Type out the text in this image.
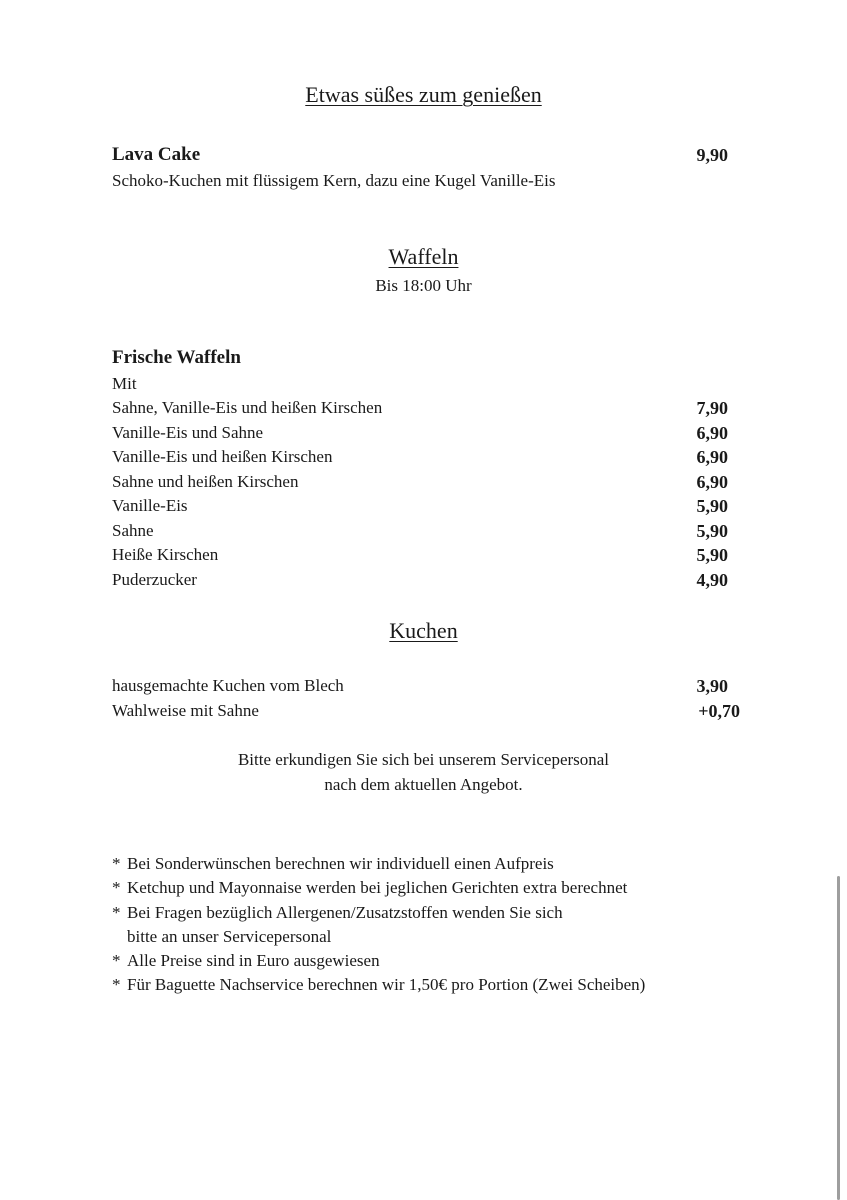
Etwas süßes zum genießen
Lava Cake	9,90
Schoko-Kuchen mit flüssigem Kern, dazu eine Kugel Vanille-Eis
Waffeln
Bis 18:00 Uhr
Frische Waffeln
Mit
Sahne, Vanille-Eis und heißen Kirschen	7,90
Vanille-Eis und Sahne	6,90
Vanille-Eis und heißen Kirschen	6,90
Sahne und heißen Kirschen	6,90
Vanille-Eis	5,90
Sahne	5,90
Heiße Kirschen	5,90
Puderzucker	4,90
Kuchen
hausgemachte Kuchen vom Blech	3,90
Wahlweise mit Sahne	+0,70
Bitte erkundigen Sie sich bei unserem Servicepersonal
nach dem aktuellen Angebot.
* Bei Sonderwünschen berechnen wir individuell einen Aufpreis
* Ketchup und Mayonnaise werden bei jeglichen Gerichten extra berechnet
* Bei Fragen bezüglich Allergenen/Zusatzstoffen wenden Sie sich
bitte an unser Servicepersonal
* Alle Preise sind in Euro ausgewiesen
* Für Baguette Nachservice berechnen wir 1,50€ pro Portion (Zwei Scheiben)
